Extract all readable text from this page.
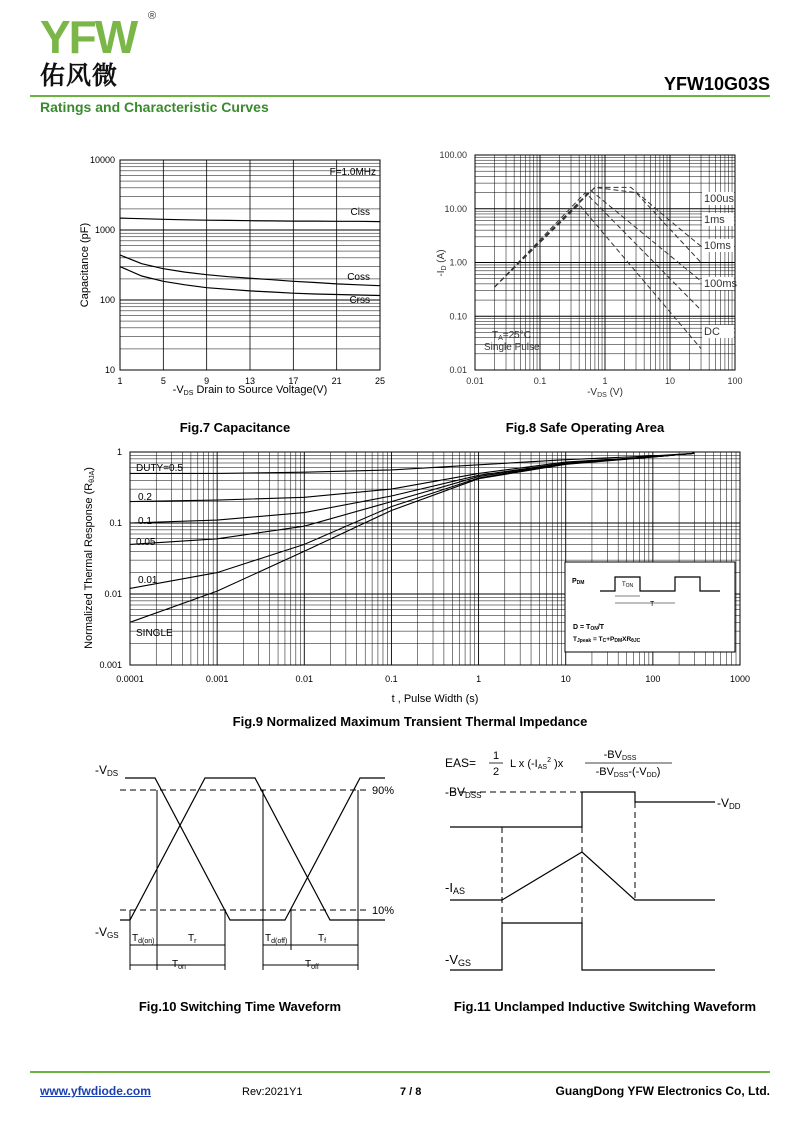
YFW ®
佑风微	YFW10G03S
Ratings and Characteristic Curves
10000
1000
100
10
1	5	9	13	17	21	25
F=1.0MHz
Ciss
Coss
Crss
-VDS Drain to Source Voltage(V)
Capacitance (pF)
Fig.7 Capacitance
100.00
10.00
1.00
0.10
0.01
0.01	0.1	1	10	100
100us
1ms
10ms
100ms
DC
$T_A=25^\circ C$
Single Pulse
$-V_{DS}$ (V)
$-I_D$ (A)
Fig.8 Safe Operating Area
1
0.1
0.01
0.001
0.0001	0.001	0.01	0.1	1	10	100	1000
DUTY=0.5
0.2
0.1
0.05
0.01
SINGLE
PDM	TON
T
D = TON/T
TJpeak = TC+PDMXRθJC
t , Pulse Width (s)
Normalized Thermal Response (RθJA)
Fig.9 Normalized Maximum Transient Thermal Impedance
-VDS
-VGS
90%
10%
$T_{d(on)}$	$T_r$	$T_{d(off)}$	$T_f$
$T_{on}$	$T_{off}$
Fig.10 Switching Time Waveform
EAS= 1
2
L x (-IAS$^2$ )x
-BVDSS
-BVDSS-(-VDD)
-BVDSS
-VDD
-IAS
-VGS
Fig.11 Unclamped Inductive Switching Waveform
www.yfwdiode.com	Rev:2021Y1	7 / 8	GuangDong YFW Electronics Co, Ltd.
